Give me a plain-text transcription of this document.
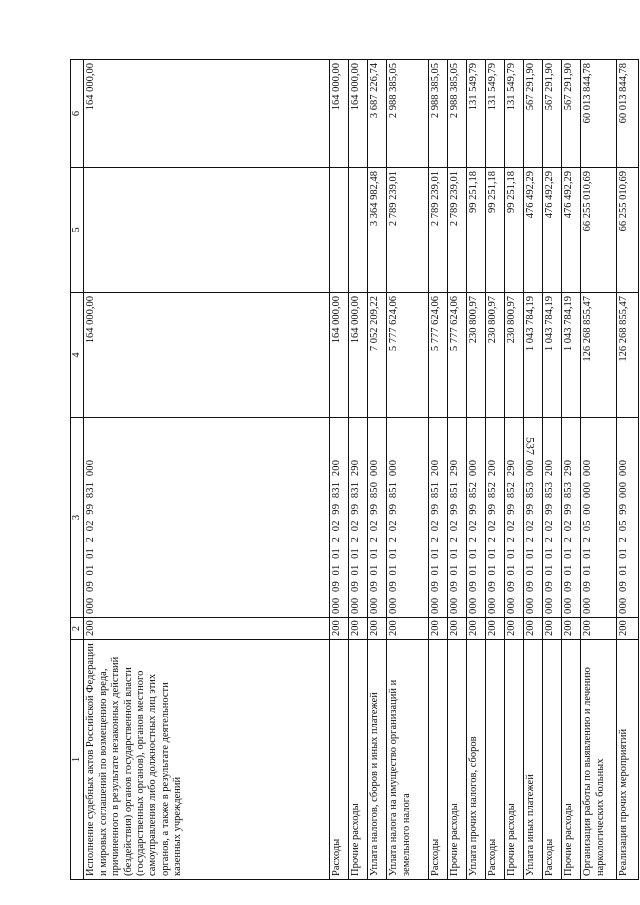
537
1	2	3	4	5	6
Исполнение судебных актов Российской Федерации и мировых соглашений по возмещению вреда, причиненного в результате незаконных действий (бездействия) органов государственной власти (государственных органов), органов местного самоуправления либо должностных лиц этих органов, а также в результате деятельности казенных учреждений	200	000  09  01  01  2  02  99  831  000	164 000,00		164 000,00
Расходы	200	000  09  01  01  2  02  99  831  200	164 000,00		164 000,00
Прочие расходы	200	000  09  01  01  2  02  99  831  290	164 000,00		164 000,00
Уплата налогов, сборов и иных платежей	200	000  09  01  01  2  02  99  850  000	7 052 209,22	3 364 982,48	3 687 226,74
Уплата налога на имущество организаций и земельного налога	200	000  09  01  01  2  02  99  851  000	5 777 624,06	2 789 239,01	2 988 385,05
Расходы	200	000  09  01  01  2  02  99  851  200	5 777 624,06	2 789 239,01	2 988 385,05
Прочие расходы	200	000  09  01  01  2  02  99  851  290	5 777 624,06	2 789 239,01	2 988 385,05
Уплата прочих налогов, сборов	200	000  09  01  01  2  02  99  852  000	230 800,97	99 251,18	131 549,79
Расходы	200	000  09  01  01  2  02  99  852  200	230 800,97	99 251,18	131 549,79
Прочие расходы	200	000  09  01  01  2  02  99  852  290	230 800,97	99 251,18	131 549,79
Уплата иных платежей	200	000  09  01  01  2  02  99  853  000	1 043 784,19	476 492,29	567 291,90
Расходы	200	000  09  01  01  2  02  99  853  200	1 043 784,19	476 492,29	567 291,90
Прочие расходы	200	000  09  01  01  2  02  99  853  290	1 043 784,19	476 492,29	567 291,90
Организация работы по выявлению и лечению наркологических больных	200	000  09  01  01  2  05  00  000  000	126 268 855,47	66 255 010,69	60 013 844,78
Реализация прочих мероприятий	200	000  09  01  01  2  05  99  000  000	126 268 855,47	66 255 010,69	60 013 844,78
